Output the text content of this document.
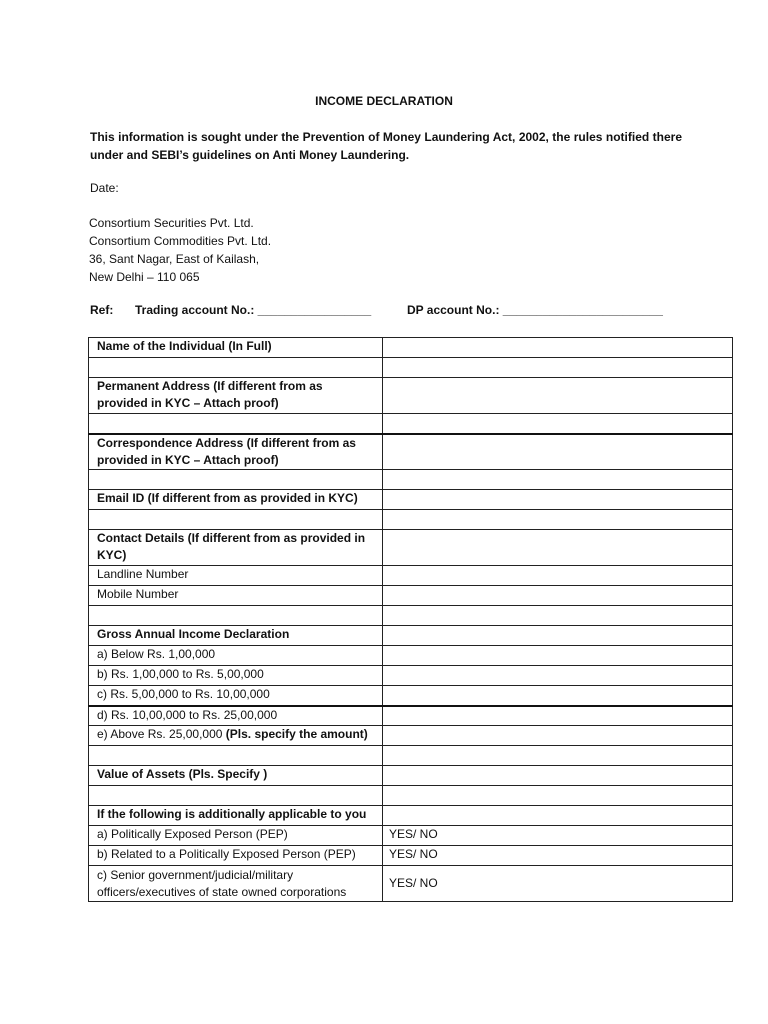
INCOME DECLARATION
This information is sought under the Prevention of Money Laundering Act, 2002, the rules notified there under and SEBI’s guidelines on Anti Money Laundering.
Date:
Consortium Securities Pvt. Ltd.
Consortium Commodities Pvt. Ltd.
36, Sant Nagar, East of Kailash,
New Delhi – 110 065
Ref: Trading account No.: _________________	DP account No.: ________________________
Name of the Individual (In Full)	

Permanent Address (If different from as provided in KYC – Attach proof)	

Correspondence Address (If different from as provided in KYC – Attach proof)	

Email ID (If different from as provided in KYC)	

Contact Details (If different from as provided in KYC)	
Landline Number	
Mobile Number	

Gross Annual Income Declaration	
a) Below Rs. 1,00,000	
b) Rs. 1,00,000 to Rs. 5,00,000	
c) Rs. 5,00,000 to Rs. 10,00,000	
d) Rs. 10,00,000 to Rs. 25,00,000	
e) Above Rs. 25,00,000 (Pls. specify the amount)	

Value of Assets (Pls. Specify )	

If the following is additionally applicable to you	
a) Politically Exposed Person (PEP)	YES/ NO
b) Related to a Politically Exposed Person (PEP)	YES/ NO
c) Senior government/judicial/military officers/executives of state owned corporations	YES/ NO
